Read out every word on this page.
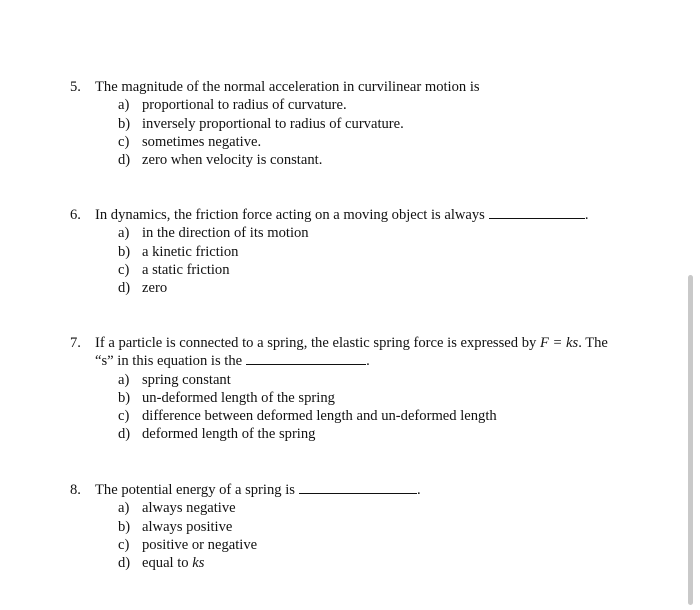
5. The magnitude of the normal acceleration in curvilinear motion is
a) proportional to radius of curvature.
b) inversely proportional to radius of curvature.
c) sometimes negative.
d) zero when velocity is constant.
6. In dynamics, the friction force acting on a moving object is always	.
a) in the direction of its motion
b) a kinetic friction
c) a static friction
d) zero
7. If a particle is connected to a spring, the elastic spring force is expressed by F = ks. The
“s” in this equation is the	.
a) spring constant
b) un-deformed length of the spring
c) difference between deformed length and un-deformed length
d) deformed length of the spring
8. The potential energy of a spring is	.
a) always negative
b) always positive
c) positive or negative
d) equal to ks
